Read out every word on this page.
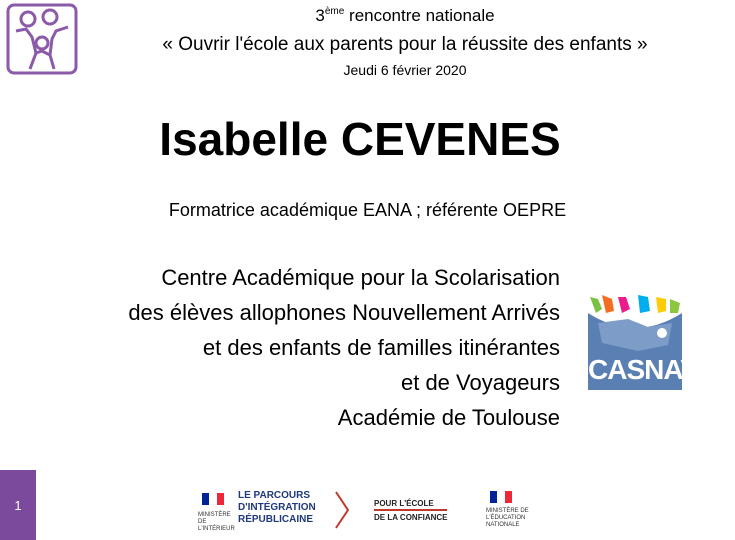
3ème rencontre nationale
« Ouvrir l'école aux parents pour la réussite des enfants »
Jeudi 6 février 2020
Isabelle CEVENES
Formatrice académique EANA ; référente OEPRE
Centre Académique pour la Scolarisation
des élèves allophones Nouvellement Arrivés
et des enfants de familles itinérantes
et de Voyageurs
Académie de Toulouse
CASNAV
1
MINISTÈRE
DE L'INTÉRIEUR
LE PARCOURS
D'INTÉGRATION
RÉPUBLICAINE
POUR L'ÉCOLE
DE LA CONFIANCE
MINISTÈRE DE
L'ÉDUCATION
NATIONALE
